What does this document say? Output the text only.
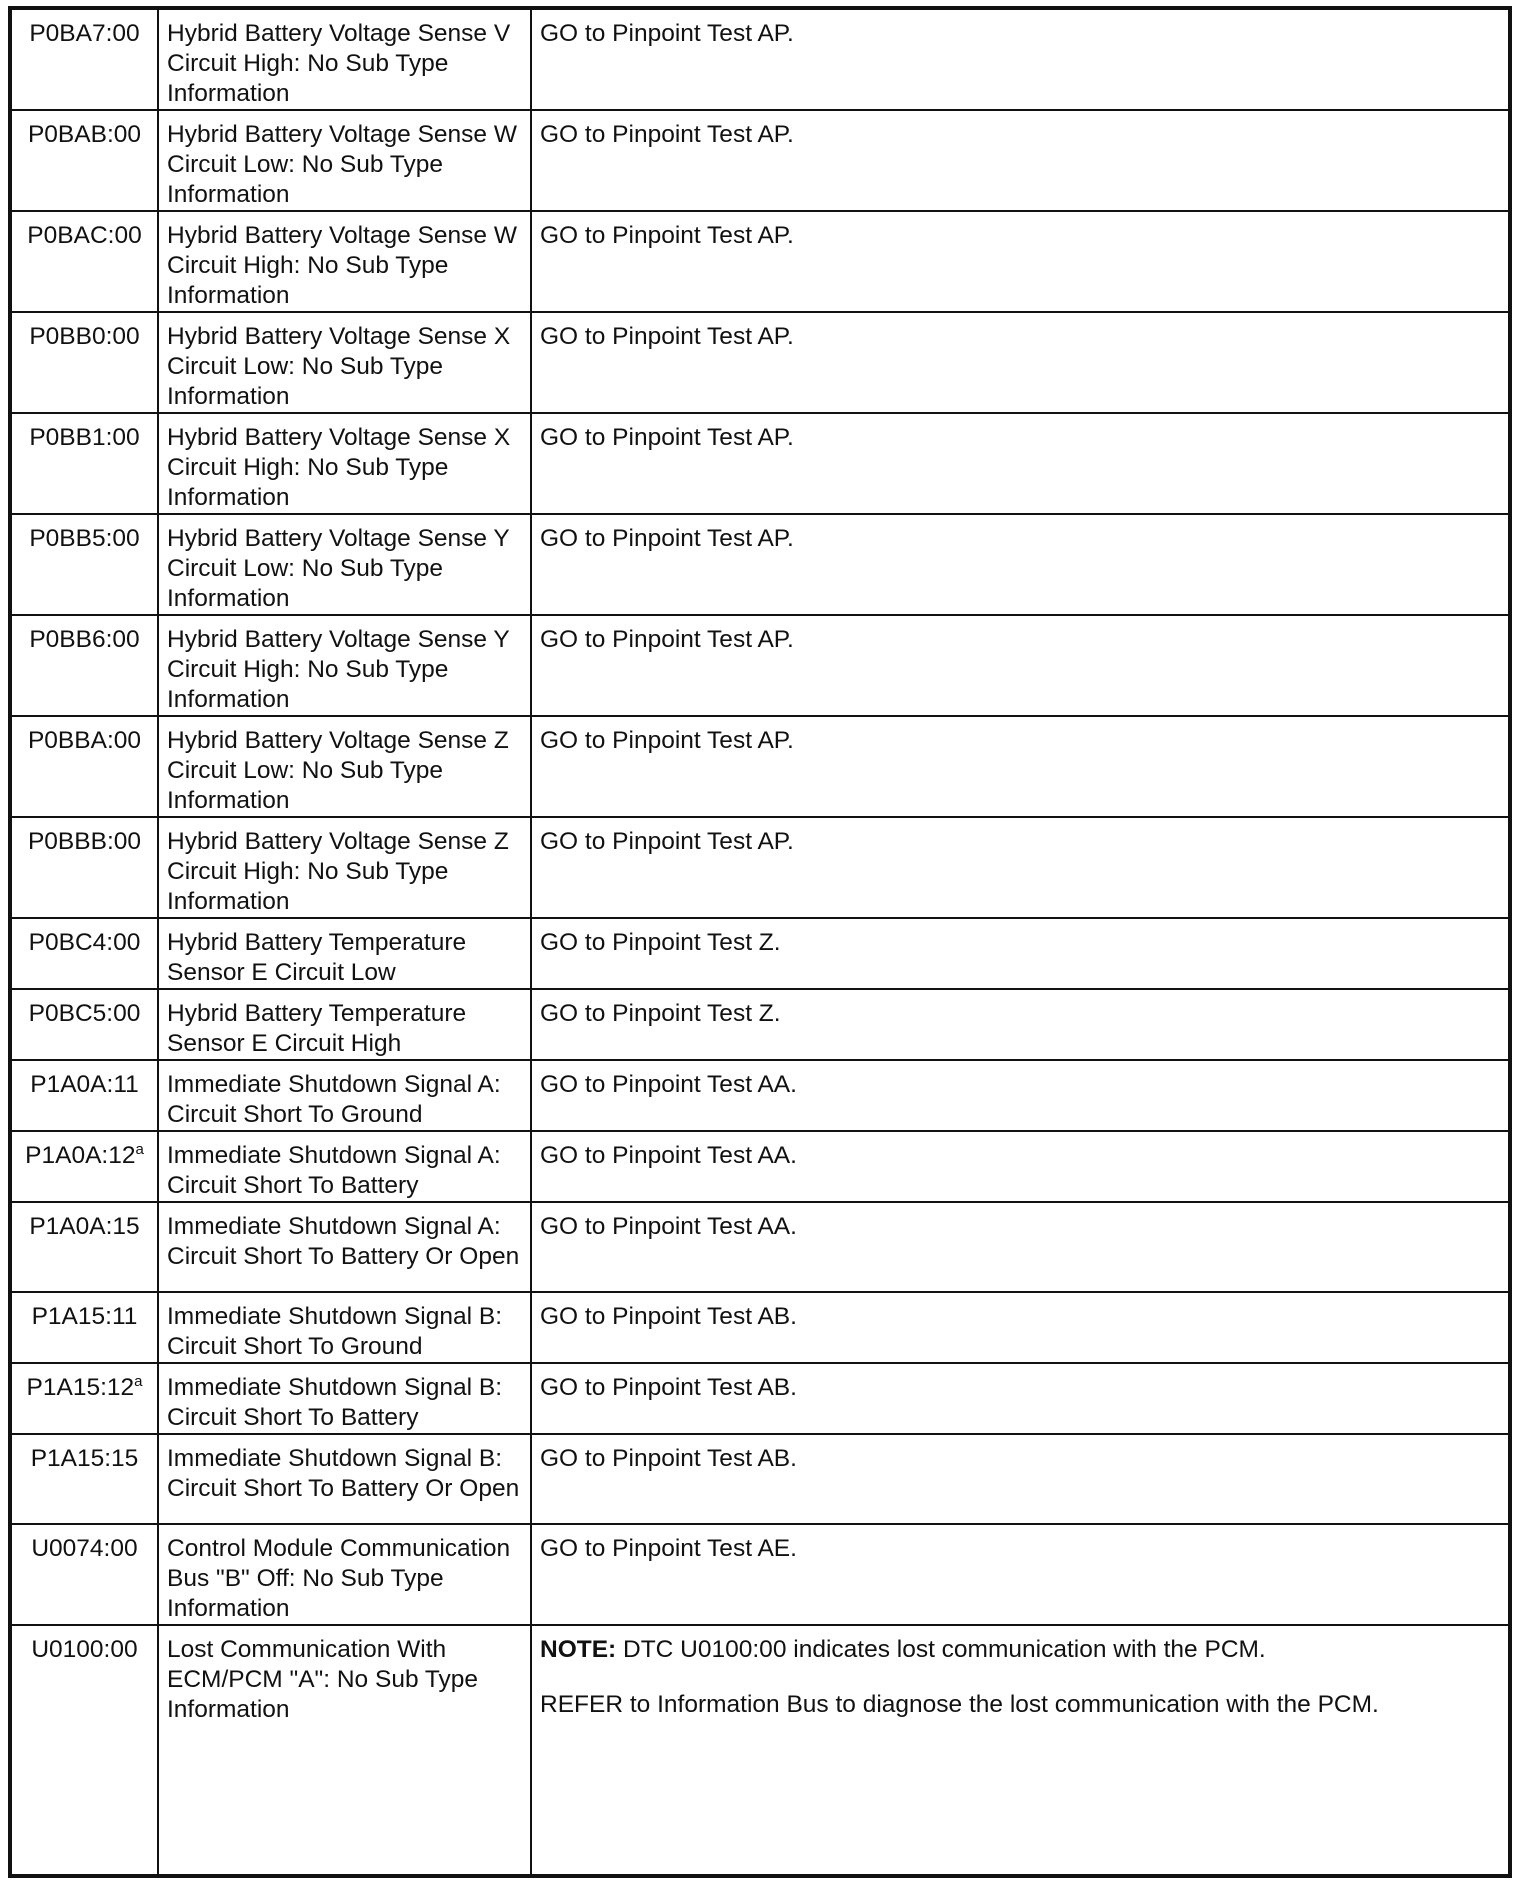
P0BA7:00	Hybrid Battery Voltage Sense V Circuit High: No Sub Type Information	GO to Pinpoint Test AP.
P0BAB:00	Hybrid Battery Voltage Sense W Circuit Low: No Sub Type Information	GO to Pinpoint Test AP.
P0BAC:00	Hybrid Battery Voltage Sense W Circuit High: No Sub Type Information	GO to Pinpoint Test AP.
P0BB0:00	Hybrid Battery Voltage Sense X Circuit Low: No Sub Type Information	GO to Pinpoint Test AP.
P0BB1:00	Hybrid Battery Voltage Sense X Circuit High: No Sub Type Information	GO to Pinpoint Test AP.
P0BB5:00	Hybrid Battery Voltage Sense Y Circuit Low: No Sub Type Information	GO to Pinpoint Test AP.
P0BB6:00	Hybrid Battery Voltage Sense Y Circuit High: No Sub Type Information	GO to Pinpoint Test AP.
P0BBA:00	Hybrid Battery Voltage Sense Z Circuit Low: No Sub Type Information	GO to Pinpoint Test AP.
P0BBB:00	Hybrid Battery Voltage Sense Z Circuit High: No Sub Type Information	GO to Pinpoint Test AP.
P0BC4:00	Hybrid Battery Temperature Sensor E Circuit Low	GO to Pinpoint Test Z.
P0BC5:00	Hybrid Battery Temperature Sensor E Circuit High	GO to Pinpoint Test Z.
P1A0A:11	Immediate Shutdown Signal A: Circuit Short To Ground	GO to Pinpoint Test AA.
P1A0A:12$^a$	Immediate Shutdown Signal A: Circuit Short To Battery	GO to Pinpoint Test AA.
P1A0A:15	Immediate Shutdown Signal A: Circuit Short To Battery Or Open	GO to Pinpoint Test AA.
P1A15:11	Immediate Shutdown Signal B: Circuit Short To Ground	GO to Pinpoint Test AB.
P1A15:12$^a$	Immediate Shutdown Signal B: Circuit Short To Battery	GO to Pinpoint Test AB.
P1A15:15	Immediate Shutdown Signal B: Circuit Short To Battery Or Open	GO to Pinpoint Test AB.
U0074:00	Control Module Communication Bus "B" Off: No Sub Type Information	GO to Pinpoint Test AE.
U0100:00	Lost Communication With ECM/PCM "A": No Sub Type Information	NOTE: DTC U0100:00 indicates lost communication with the PCM.

REFER to Information Bus to diagnose the lost communication with the PCM.
